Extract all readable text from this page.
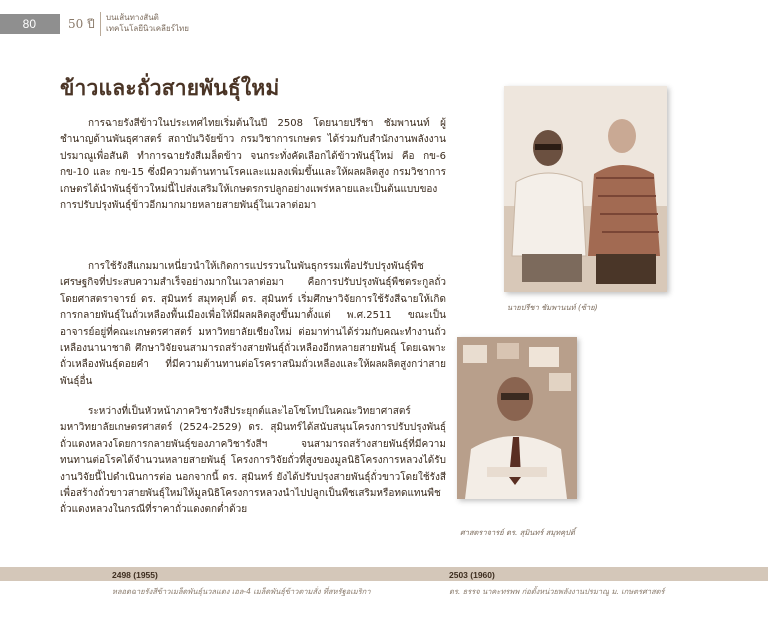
80	50 ปี บนเส้นทางสันติ
เทคโนโลยีนิวเคลียร์ไทย
ข้าวและถั่วสายพันธุ์ใหม่

การฉายรังสีข้าวในประเทศไทยเริ่มต้นในปี 2508 โดยนายปรีชา ชัมพานนท์ ผู้ชำนาญด้านพันธุศาสตร์ สถาบันวิจัยข้าว กรมวิชาการเกษตร ได้ร่วมกับสำนักงานพลังงานปรมาณูเพื่อสันติ ทำการฉายรังสีเมล็ดข้าว จนกระทั่งคัดเลือกได้ข้าวพันธุ์ใหม่ คือ กข-6 กข-10 และ กข-15 ซึ่งมีความต้านทานโรคและแมลงเพิ่มขึ้นและให้ผลผลิตสูง กรมวิชาการเกษตรได้นำพันธุ์ข้าวใหม่นี้ไปส่งเสริมให้เกษตรกรปลูกอย่างแพร่หลายและเป็นต้นแบบของการปรับปรุงพันธุ์ข้าวอีกมากมายหลายสายพันธุ์ในเวลาต่อมา

การใช้รังสีแกมมาเหนี่ยวนำให้เกิดการแปรรวนในพันธุกรรมเพื่อปรับปรุงพันธุ์พืชเศรษฐกิจที่ประสบความสำเร็จอย่างมากในเวลาต่อมา คือการปรับปรุงพันธุ์พืชตระกูลถั่ว โดยศาสตราจารย์ ดร. สุมินทร์ สมุทคุปติ์ ดร. สุมินทร์ เริ่มศึกษาวิจัยการใช้รังสีฉายให้เกิดการกลายพันธุ์ในถั่วเหลืองพื้นเมืองเพื่อให้มีผลผลิตสูงขึ้นมาตั้งแต่ พ.ศ.2511 ขณะเป็นอาจารย์อยู่ที่คณะเกษตรศาสตร์ มหาวิทยาลัยเชียงใหม่ ต่อมาท่านได้ร่วมกับคณะทำงานถั่วเหลืองนานาชาติ ศึกษาวิจัยจนสามารถสร้างสายพันธุ์ถั่วเหลืองอีกหลายสายพันธุ์ โดยเฉพาะถั่วเหลืองพันธุ์ดอยคำ ที่มีความต้านทานต่อโรคราสนิมถั่วเหลืองและให้ผลผลิตสูงกว่าสายพันธุ์อื่น

ระหว่างที่เป็นหัวหน้าภาควิชารังสีประยุกต์และไอโซโทปในคณะวิทยาศาสตร์ มหาวิทยาลัยเกษตรศาสตร์ (2524-2529) ดร. สุมินทร์ได้สนับสนุนโครงการปรับปรุงพันธุ์ถั่วแดงหลวงโดยการกลายพันธุ์ของภาควิชารังสีฯ จนสามารถสร้างสายพันธุ์ที่มีความทนทานต่อโรคได้จำนวนหลายสายพันธุ์ โครงการวิจัยถั่วที่สูงของมูลนิธิโครงการหลวงได้รับงานวิจัยนี้ไปดำเนินการต่อ นอกจากนี้ ดร. สุมินทร์ ยังได้ปรับปรุงสายพันธุ์ถั่วขาวโดยใช้รังสีเพื่อสร้างถั่วขาวสายพันธุ์ใหม่ให้มูลนิธิโครงการหลวงนำไปปลูกเป็นพืชเสริมหรือทดแทนพืชถั่วแดงหลวงในกรณีที่ราคาถั่วแดงตกต่ำด้วย

นายปรีชา ชัมพานนท์ (ซ้าย)
ศาสตราจารย์ ดร. สุมินทร์ สมุทคุปติ์
2498 (1955)	2503 (1960)
หลอดฉายรังสีข้าวเมล็ดพันธุ์นวลแดง เอล-4 เมล็ดพันธุ์ข้าวตามสั่ง ที่สหรัฐอเมริกา	ดร. ธรรจ นาคะทรพพ ก่อตั้งหน่วยพลังงานปรมาณู ม. เกษตรศาสตร์
